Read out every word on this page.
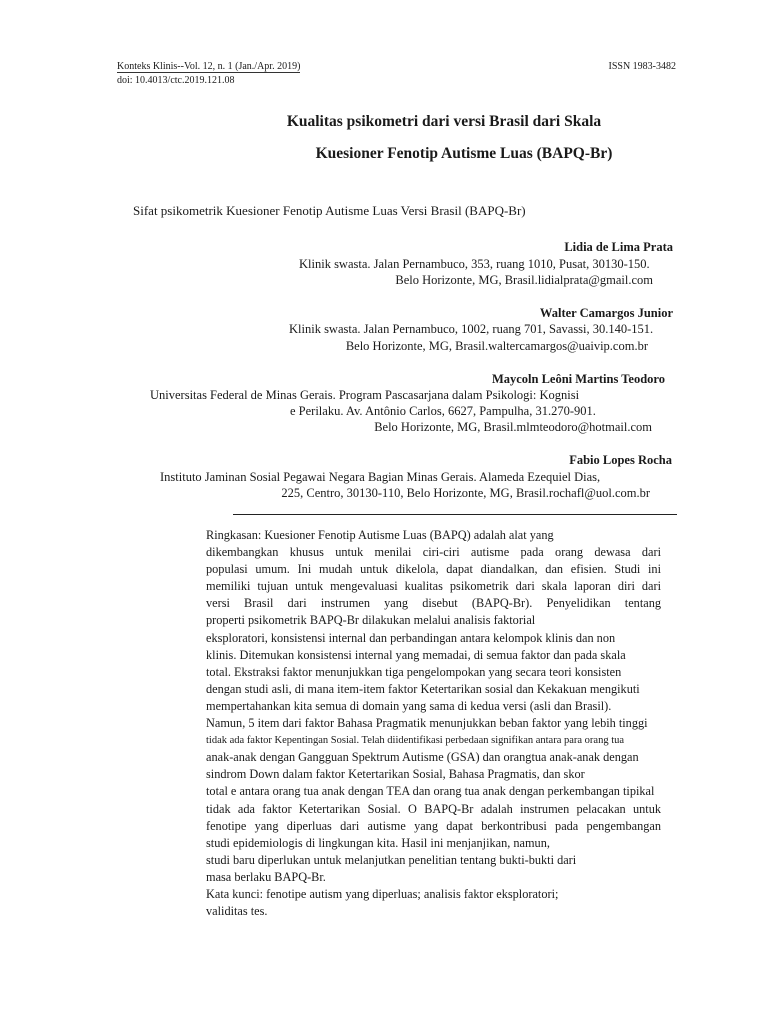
Konteks Klinis--Vol. 12, n. 1 (Jan./Apr. 2019)
doi: 10.4013/ctc.2019.121.08
ISSN 1983-3482
Kualitas psikometri dari versi Brasil dari Skala
Kuesioner Fenotip Autisme Luas (BAPQ-Br)
Sifat psikometrik Kuesioner Fenotip Autisme Luas Versi Brasil (BAPQ-Br)
Lidia de Lima Prata
Klinik swasta. Jalan Pernambuco, 353, ruang 1010, Pusat, 30130-150.
Belo Horizonte, MG, Brasil.lidialprata@gmail.com
Walter Camargos Junior
Klinik swasta. Jalan Pernambuco, 1002, ruang 701, Savassi, 30.140-151.
Belo Horizonte, MG, Brasil.waltercamargos@uaivip.com.br
Maycoln Leôni Martins Teodoro
Universitas Federal de Minas Gerais. Program Pascasarjana dalam Psikologi: Kognisi
e Perilaku. Av. Antônio Carlos, 6627, Pampulha, 31.270-901.
Belo Horizonte, MG, Brasil.mlmteodoro@hotmail.com
Fabio Lopes Rocha
Instituto Jaminan Sosial Pegawai Negara Bagian Minas Gerais. Alameda Ezequiel Dias,
225, Centro, 30130-110, Belo Horizonte, MG, Brasil.rochafl@uol.com.br
Ringkasan: Kuesioner Fenotip Autisme Luas (BAPQ) adalah alat yang
dikembangkan khusus untuk menilai ciri-ciri autisme pada orang dewasa dari
populasi umum. Ini mudah untuk dikelola, dapat diandalkan, dan efisien. Studi ini
memiliki tujuan untuk mengevaluasi kualitas psikometrik dari skala laporan diri dari
versi Brasil dari instrumen yang disebut (BAPQ-Br). Penyelidikan tentang
properti psikometrik BAPQ-Br dilakukan melalui analisis faktorial
eksploratori, konsistensi internal dan perbandingan antara kelompok klinis dan non
klinis. Ditemukan konsistensi internal yang memadai, di semua faktor dan pada skala
total. Ekstraksi faktor menunjukkan tiga pengelompokan yang secara teori konsisten
dengan studi asli, di mana item-item faktor Ketertarikan sosial dan Kekakuan mengikuti
mempertahankan kita semua di domain yang sama di kedua versi (asli dan Brasil).
Namun, 5 item dari faktor Bahasa Pragmatik menunjukkan beban faktor yang lebih tinggi
tidak ada faktor Kepentingan Sosial. Telah diidentifikasi perbedaan signifikan antara para orang tua
anak-anak dengan Gangguan Spektrum Autisme (GSA) dan orangtua anak-anak dengan
sindrom Down dalam faktor Ketertarikan Sosial, Bahasa Pragmatis, dan skor
total e antara orang tua anak dengan TEA dan orang tua anak dengan perkembangan tipikal
tidak ada faktor Ketertarikan Sosial. O BAPQ-Br adalah instrumen pelacakan untuk
fenotipe yang diperluas dari autisme yang dapat berkontribusi pada pengembangan
studi epidemiologis di lingkungan kita. Hasil ini menjanjikan, namun,
studi baru diperlukan untuk melanjutkan penelitian tentang bukti-bukti dari
masa berlaku BAPQ-Br.
Kata kunci: fenotipe autism yang diperluas; analisis faktor eksploratori;
validitas tes.
